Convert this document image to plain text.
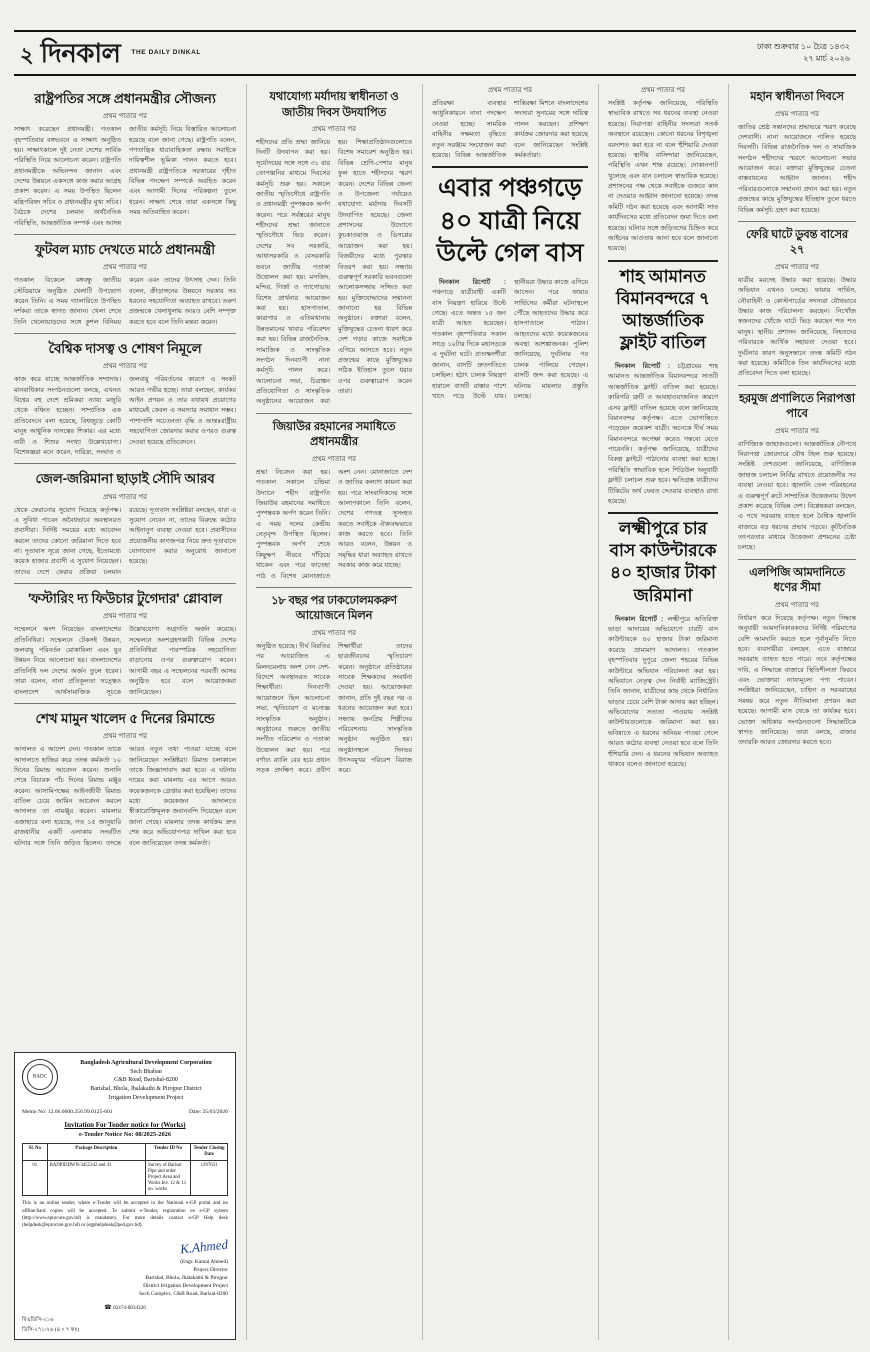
২ দিনকাল THE DAILY DINKAL
ঢাকা শুক্রবার ১০ চৈত্র ১৪৩২
২৭ মার্চ ২০২৬
রাষ্ট্রপতির সঙ্গে প্রধানমন্ত্রীর সৌজন্য
প্রথম পাতার পর
সাক্ষাৎ করেছেন প্রধানমন্ত্রী। গতকাল বৃহস্পতিবার বঙ্গভবনে এ সাক্ষাৎ অনুষ্ঠিত হয়। সাক্ষাৎকালে দুই নেতা দেশের সার্বিক পরিস্থিতি নিয়ে আলোচনা করেন। রাষ্ট্রপতি প্রধানমন্ত্রীকে অভিনন্দন জানান এবং দেশের উন্নয়নে একসঙ্গে কাজ করার আগ্রহ প্রকাশ করেন। এ সময় উপস্থিত ছিলেন মন্ত্রিপরিষদ সচিব ও প্রধানমন্ত্রীর মুখ্য সচিব। বৈঠকে দেশের চলমান অর্থনৈতিক পরিস্থিতি, আন্তর্জাতিক সম্পর্ক এবং আসন্ন জাতীয় কর্মসূচি নিয়ে বিস্তারিত আলোচনা হয়েছে বলে জানা গেছে। রাষ্ট্রপতি বলেন, গণতান্ত্রিক ধারাবাহিকতা রক্ষায় সবাইকে দায়িত্বশীল ভূমিকা পালন করতে হবে। প্রধানমন্ত্রী রাষ্ট্রপতিকে সরকারের গৃহীত বিভিন্ন পদক্ষেপ সম্পর্কে অবহিত করেন এবং আগামী দিনের পরিকল্পনা তুলে ধরেন। সাক্ষাৎ শেষে তারা একসঙ্গে কিছু সময় অতিবাহিত করেন।
ফুটবল ম্যাচ দেখতে মাঠে প্রধানমন্ত্রী
প্রথম পাতার পর
গতকাল বিকেলে বঙ্গবন্ধু জাতীয় স্টেডিয়ামে অনুষ্ঠিত খেলাটি উপভোগ করেন তিনি। এ সময় গ্যালারিতে উপস্থিত দর্শকরা তাকে স্বাগত জানান। খেলা শেষে তিনি খেলোয়াড়দের সঙ্গে কুশল বিনিময় করেন এবং তাদের উৎসাহ দেন। তিনি বলেন, ক্রীড়াঙ্গনের উন্নয়নে সরকার সব ধরনের সহযোগিতা অব্যাহত রাখবে। তরুণ প্রজন্মকে খেলাধুলায় আরও বেশি সম্পৃক্ত করতে হবে বলে তিনি মন্তব্য করেন।
বৈশ্বিক দাসত্ব ও শোষণ নিমূলে
প্রথম পাতার পর
কাজ করে যাচ্ছে আন্তর্জাতিক সম্প্রদায়। মানবাধিকার সংগঠনগুলো বলছে, এখনও বিশ্বের বহু দেশে শ্রমিকরা ন্যায্য মজুরি থেকে বঞ্চিত হচ্ছেন। সাম্প্রতিক এক প্রতিবেদনে বলা হয়েছে, বিশ্বজুড়ে কোটি মানুষ আধুনিক দাসত্বের শিকার। এর মধ্যে নারী ও শিশুর সংখ্যা উল্লেখযোগ্য। বিশেষজ্ঞরা মনে করেন, দারিদ্র্য, সংঘাত ও জলবায়ু পরিবর্তনের কারণে এ সংকট আরও গভীর হচ্ছে। তারা বলছেন, কার্যকর আইন প্রণয়ন ও তার যথাযথ প্রয়োগের মাধ্যমেই কেবল এ সমস্যার সমাধান সম্ভব। পাশাপাশি সচেতনতা বৃদ্ধি ও আন্তঃরাষ্ট্রীয় সহযোগিতা জোরদার করার ওপরও গুরুত্ব দেওয়া হয়েছে প্রতিবেদনে।
জেল-জরিমানা ছাড়াই সৌদি আরব
প্রথম পাতার পর
থেকে ফেরানোর সুযোগ দিয়েছে কর্তৃপক্ষ। এ সুবিধা পাবেন অবৈধভাবে অবস্থানরত প্রবাসীরা। নির্দিষ্ট সময়ের মধ্যে আবেদন করলে তাদের কোনো জরিমানা দিতে হবে না। দূতাবাস সূত্রে জানা গেছে, ইতোমধ্যে কয়েক হাজার প্রবাসী এ সুযোগ নিয়েছেন। তাদের দেশে ফেরার প্রক্রিয়া চলমান রয়েছে। দূতাবাস সংশ্লিষ্টরা বলছেন, যারা এ সুযোগ নেবেন না, তাদের বিরুদ্ধে কঠোর আইনানুগ ব্যবস্থা নেওয়া হবে। প্রবাসীদের প্রয়োজনীয় কাগজপত্র নিয়ে দ্রুত দূতাবাসে যোগাযোগ করার অনুরোধ জানানো হয়েছে।
'ফস্টারিং দ্য ফিউচার টুগেদার' গ্লোবাল
প্রথম পাতার পর
সম্মেলনে অংশ নিয়েছেন বাংলাদেশের প্রতিনিধিরা। সম্মেলনে টেকসই উন্নয়ন, জলবায়ু পরিবর্তন মোকাবিলা এবং যুব উন্নয়ন নিয়ে আলোচনা হয়। বাংলাদেশের প্রতিনিধি দল দেশের অর্জন তুলে ধরেন। তারা বলেন, নানা প্রতিকূলতা সত্ত্বেও বাংলাদেশ আর্থসামাজিক সূচকে উল্লেখযোগ্য অগ্রগতি অর্জন করেছে। সম্মেলনে অংশগ্রহণকারী বিভিন্ন দেশের প্রতিনিধিরা পারস্পরিক সহযোগিতা বাড়ানোর ওপর গুরুত্বারোপ করেন। আগামী বছর এ সম্মেলনের পরবর্তী আসর অনুষ্ঠিত হবে বলে আয়োজকরা জানিয়েছেন।
শেখ মামুন খালেদ ৫ দিনের রিমান্ডে
প্রথম পাতার পর
আদালত এ আদেশ দেন। গতকাল তাকে আদালতে হাজির করে তদন্ত কর্মকর্তা ১০ দিনের রিমান্ড আবেদন করেন। শুনানি শেষে বিচারক পাঁচ দিনের রিমান্ড মঞ্জুর করেন। আসামিপক্ষের আইনজীবী রিমান্ড বাতিল চেয়ে জামিন আবেদন করলে আদালত তা নামঞ্জুর করেন। মামলার এজাহারে বলা হয়েছে, গত ১৫ জানুয়ারি রাজধানীর একটি এলাকায় সংঘটিত ঘটনার সঙ্গে তিনি জড়িত ছিলেন। তদন্তে আরও নতুন তথ্য পাওয়া যাচ্ছে বলে জানিয়েছেন সংশ্লিষ্টরা। রিমান্ড চলাকালে তাকে জিজ্ঞাসাবাদ করা হবে। এ ঘটনায় দায়ের করা মামলায় এর আগে আরও কয়েকজনকে গ্রেপ্তার করা হয়েছিল। তাদের মধ্যে কয়েকজন আদালতে স্বীকারোক্তিমূলক জবানবন্দি দিয়েছেন বলে জানা গেছে। মামলার তদন্ত কার্যক্রম দ্রুত শেষ করে অভিযোগপত্র দাখিল করা হবে বলে জানিয়েছেন তদন্ত কর্মকর্তা।
BADC
Bangladesh Agricultural Development Corporation
Sech Bhaban
C&B Road, Barishal-8200
Barishal, Bhola, Jhalakathi & Pirojpur District
Irrigation Development Project
Memo No: 12.06.0600.256.99.0125-601	Date: 25/03/2026
Invitation For Tender notice for (Works)
e-Tender Notice No: 08/2025-2026
Sl. No	Package Description	Tender ID No	Tender Closing Date
01	BADPIDDWN-3455342 and 43	Survey of Barisal Pipe and order Project Area and Works Inv. 12 & 13 no. works	1267631
This is an online tender, where e-Tender will be accepted in the National e-GP portal and no offline/hard copies will be accepted. To submit e-Tender, registration on e-GP system (http://www.eprocure.gov.bd) is mandatory. For more details contact e-GP Help desk (helpdesk@eprocure.gov.bd) or (egphelpdesk@ped.gov.bd).
K.Ahmed
(Engr. Kamal Ahmed)
Project Director
Barishal, Bhola, Jhalakathi & Pirojpur
District Irrigation Development Project
Sech Complex, C&B Road, Barisal-8200
☎ 02474-8834326
বিএডিসি-২১৬
ডিসি-২৭১/২৬ (৪ × ৭ কঃ)
যথাযোগ্য মর্যাদায় স্বাধীনতা ও জাতীয় দিবস উদযাপিত
প্রথম পাতার পর
শহীদদের প্রতি শ্রদ্ধা জানিয়ে দিনটি উদযাপন করা হয়। সূর্যোদয়ের সঙ্গে সঙ্গে ৩১ বার তোপধ্বনির মাধ্যমে দিবসের কর্মসূচি শুরু হয়। সকালে জাতীয় স্মৃতিসৌধে রাষ্ট্রপতি ও প্রধানমন্ত্রী পুষ্পস্তবক অর্পণ করেন। পরে সর্বস্তরের মানুষ শহীদদের শ্রদ্ধা জানাতে স্মৃতিসৌধে ভিড় করেন। দেশের সব সরকারি, আধাসরকারি ও বেসরকারি ভবনে জাতীয় পতাকা উত্তোলন করা হয়। মসজিদ, মন্দির, গির্জা ও প্যাগোডায় বিশেষ প্রার্থনার আয়োজন করা হয়। হাসপাতাল, কারাগার ও এতিমখানায় উন্নতমানের খাবার পরিবেশন করা হয়। বিভিন্ন রাজনৈতিক, সামাজিক ও সাংস্কৃতিক সংগঠন দিনব্যাপী নানা কর্মসূচি পালন করে। আলোচনা সভা, চিত্রাঙ্কন প্রতিযোগিতা ও সাংস্কৃতিক অনুষ্ঠানের আয়োজন করা হয়। শিক্ষাপ্রতিষ্ঠানগুলোতে বিশেষ সমাবেশ অনুষ্ঠিত হয়। বিভিন্ন শ্রেণি-পেশার মানুষ ফুল হাতে শহীদদের স্মরণ করেন। দেশের বিভিন্ন জেলা ও উপজেলা পর্যায়েও যথাযোগ্য মর্যাদায় দিবসটি উদযাপিত হয়েছে। জেলা প্রশাসনের উদ্যোগে কুচকাওয়াজ ও ডিসপ্লের আয়োজন করা হয়। বিজয়ীদের মধ্যে পুরস্কার বিতরণ করা হয়। সন্ধ্যায় গুরুত্বপূর্ণ সরকারি ভবনগুলো আলোকসজ্জায় সজ্জিত করা হয়। মুক্তিযোদ্ধাদের সম্মাননা জানানো হয় বিভিন্ন অনুষ্ঠানে। বক্তারা বলেন, মুক্তিযুদ্ধের চেতনা ধারণ করে দেশ গড়ার কাজে সবাইকে এগিয়ে আসতে হবে। নতুন প্রজন্মের কাছে মুক্তিযুদ্ধের সঠিক ইতিহাস তুলে ধরার ওপর গুরুত্বারোপ করেন তারা।
জিয়াউর রহমানের সমাধিতে প্রধানমন্ত্রীর
প্রথম পাতার পর
শ্রদ্ধা নিবেদন করা হয়। গতকাল সকালে চন্দ্রিমা উদ্যানে শহীদ রাষ্ট্রপতি জিয়াউর রহমানের সমাধিতে পুষ্পস্তবক অর্পণ করেন তিনি। এ সময় দলের কেন্দ্রীয় নেতৃবৃন্দ উপস্থিত ছিলেন। পুষ্পস্তবক অর্পণ শেষে কিছুক্ষণ নীরবে দাঁড়িয়ে থাকেন এবং পরে ফাতেহা পাঠ ও বিশেষ মোনাজাতে অংশ নেন। মোনাজাতে দেশ ও জাতির কল্যাণ কামনা করা হয়। পরে সাংবাদিকদের সঙ্গে আলাপকালে তিনি বলেন, দেশের গণতন্ত্র সুসংহত করতে সবাইকে ঐক্যবদ্ধভাবে কাজ করতে হবে। তিনি আরও বলেন, উন্নয়ন ও সমৃদ্ধির ধারা অব্যাহত রাখতে সরকার কাজ করে যাচ্ছে।
১৮ বছর পর ঢাকঢোলমকরুণ আয়োজনে মিলন
প্রথম পাতার পর
অনুষ্ঠিত হয়েছে। দীর্ঘ বিরতির পর আয়োজিত এ মিলনমেলায় অংশ নেন দেশ-বিদেশে অবস্থানরত সাবেক শিক্ষার্থীরা। দিনব্যাপী আয়োজনে ছিল আলোচনা সভা, স্মৃতিচারণ ও মনোজ্ঞ সাংস্কৃতিক অনুষ্ঠান। অনুষ্ঠানের শুরুতে জাতীয় সংগীত পরিবেশন ও পতাকা উত্তোলন করা হয়। পরে বর্ণাঢ্য র‌্যালি বের হয়ে প্রধান সড়ক প্রদক্ষিণ করে। প্রবীণ শিক্ষার্থীরা তাদের ছাত্রজীবনের স্মৃতিচারণ করেন। অনুষ্ঠানে প্রতিষ্ঠানের সাবেক শিক্ষকদের সংবর্ধনা দেওয়া হয়। আয়োজকরা জানান, প্রতি দুই বছর পর এ ধরনের আয়োজন করা হবে। সন্ধ্যায় জনপ্রিয় শিল্পীদের পরিবেশনায় সাংস্কৃতিক অনুষ্ঠান অনুষ্ঠিত হয়। অনুষ্ঠানস্থলে দিনভর উৎসবমুখর পরিবেশ বিরাজ করে।
প্রথম পাতার পর
প্রতিরক্ষা ব্যবস্থার আধুনিকায়নে নানা পদক্ষেপ নেওয়া হচ্ছে। সামরিক বাহিনীর সক্ষমতা বৃদ্ধিতে নতুন সরঞ্জাম সংযোজন করা হয়েছে। বিভিন্ন আন্তর্জাতিক শান্তিরক্ষা মিশনে বাংলাদেশের সদস্যরা সুনামের সঙ্গে দায়িত্ব পালন করছেন। প্রশিক্ষণ কার্যক্রম জোরদার করা হয়েছে বলে জানিয়েছেন সংশ্লিষ্ট কর্মকর্তারা।
এবার পঞ্চগড়ে ৪০ যাত্রী নিয়ে উল্টে গেল বাস

দিনকাল রিপোর্ট : পঞ্চগড়ে যাত্রীবাহী একটি বাস নিয়ন্ত্রণ হারিয়ে উল্টে গেছে। এতে অন্তত ১৫ জন যাত্রী আহত হয়েছেন। গতকাল বৃহস্পতিবার সকাল সাড়ে ১০টার দিকে মহাসড়কে এ দুর্ঘটনা ঘটে। প্রত্যক্ষদর্শীরা জানান, বাসটি দ্রুতগতিতে চলছিল। হঠাৎ চালক নিয়ন্ত্রণ হারালে বাসটি রাস্তার পাশে খাদে পড়ে উল্টে যায়। স্থানীয়রা উদ্ধার কাজে এগিয়ে আসেন। পরে ফায়ার সার্ভিসের কর্মীরা ঘটনাস্থলে পৌঁছে আহতদের উদ্ধার করে হাসপাতালে পাঠান। আহতদের মধ্যে কয়েকজনের অবস্থা আশঙ্কাজনক। পুলিশ জানিয়েছে, দুর্ঘটনার পর চালক পালিয়ে গেছেন। বাসটি জব্দ করা হয়েছে। এ ঘটনায় মামলার প্রস্তুতি চলছে।

প্রথম পাতার পর
সংশ্লিষ্ট কর্তৃপক্ষ জানিয়েছে, পরিস্থিতি স্বাভাবিক রাখতে সব ধরনের ব্যবস্থা নেওয়া হয়েছে। নিরাপত্তা বাহিনীর সদস্যরা সতর্ক অবস্থানে রয়েছেন। কোনো ধরনের বিশৃঙ্খলা বরদাশত করা হবে না বলে হুঁশিয়ারি দেওয়া হয়েছে। স্থানীয় বাসিন্দারা জানিয়েছেন, পরিস্থিতি এখন শান্ত রয়েছে। দোকানপাট খুলেছে এবং যান চলাচল স্বাভাবিক হয়েছে। প্রশাসনের পক্ষ থেকে সবাইকে গুজবে কান না দেওয়ার আহ্বান জানানো হয়েছে। তদন্ত কমিটি গঠন করা হয়েছে এবং আগামী সাত কার্যদিবসের মধ্যে প্রতিবেদন জমা দিতে বলা হয়েছে। ঘটনার সঙ্গে জড়িতদের চিহ্নিত করে আইনের আওতায় আনা হবে বলে জানানো হয়েছে।
শাহ আমানত বিমানবন্দরে ৭ আন্তর্জাতিক ফ্লাইট বাতিল

দিনকাল রিপোর্ট : চট্টগ্রামের শাহ আমানত আন্তর্জাতিক বিমানবন্দরে সাতটি আন্তর্জাতিক ফ্লাইট বাতিল করা হয়েছে। কারিগরি ত্রুটি ও আবহাওয়াজনিত কারণে এসব ফ্লাইট বাতিল হয়েছে বলে জানিয়েছে বিমানবন্দর কর্তৃপক্ষ। এতে ভোগান্তিতে পড়েছেন কয়েকশ যাত্রী। অনেকে দীর্ঘ সময় বিমানবন্দরে অপেক্ষা করেও গন্তব্যে যেতে পারেননি। কর্তৃপক্ষ জানিয়েছে, যাত্রীদের বিকল্প ফ্লাইটে পাঠানোর ব্যবস্থা করা হচ্ছে। পরিস্থিতি স্বাভাবিক হলে শিডিউল অনুযায়ী ফ্লাইট চলাচল শুরু হবে। ক্ষতিগ্রস্ত যাত্রীদের টিকিটের অর্থ ফেরত দেওয়ার ব্যবস্থাও রাখা হয়েছে।

লক্ষ্মীপুরে চার বাস কাউন্টারকে ৪০ হাজার টাকা জরিমানা

দিনকাল রিপোর্ট : লক্ষ্মীপুরে অতিরিক্ত ভাড়া আদায়ের অভিযোগে চারটি বাস কাউন্টারকে ৪০ হাজার টাকা জরিমানা করেছে ভ্রাম্যমাণ আদালত। গতকাল বৃহস্পতিবার দুপুরে জেলা শহরের বিভিন্ন কাউন্টারে অভিযান পরিচালনা করা হয়। অভিযানে নেতৃত্ব দেন নির্বাহী ম্যাজিস্ট্রেট। তিনি জানান, যাত্রীদের কাছ থেকে নির্ধারিত ভাড়ার চেয়ে বেশি টাকা আদায় করা হচ্ছিল। অভিযোগের সত্যতা পাওয়ায় সংশ্লিষ্ট কাউন্টারগুলোকে জরিমানা করা হয়। ভবিষ্যতে এ ধরনের অনিয়ম পাওয়া গেলে আরও কঠোর ব্যবস্থা নেওয়া হবে বলে তিনি হুঁশিয়ারি দেন। এ ধরনের অভিযান অব্যাহত থাকবে বলেও জানানো হয়েছে।

মহান স্বাধীনতা দিবসে
প্রথম পাতার পর
জাতির শ্রেষ্ঠ সন্তানদের শ্রদ্ধাভরে স্মরণ করেছে দেশবাসী। নানা আয়োজনে পালিত হয়েছে দিবসটি। বিভিন্ন রাজনৈতিক দল ও সামাজিক সংগঠন শহীদদের স্মরণে আলোচনা সভার আয়োজন করে। বক্তারা মুক্তিযুদ্ধের চেতনা বাস্তবায়নের আহ্বান জানান। শহীদ পরিবারগুলোকে সম্মাননা প্রদান করা হয়। নতুন প্রজন্মের কাছে মুক্তিযুদ্ধের ইতিহাস তুলে ধরতে বিভিন্ন কর্মসূচি গ্রহণ করা হয়েছে।
ফেরি ঘাটে ডুবন্ত বাসের ২৭
প্রথম পাতার পর
যাত্রীর মরদেহ উদ্ধার করা হয়েছে। উদ্ধার অভিযান এখনও চলছে। ফায়ার সার্ভিস, নৌবাহিনী ও কোস্টগার্ডের সদস্যরা যৌথভাবে উদ্ধার কাজ পরিচালনা করছেন। নিখোঁজ স্বজনদের খোঁজে ঘাটে ভিড় করছেন শত শত মানুষ। স্থানীয় প্রশাসন জানিয়েছে, নিহতদের পরিবারকে আর্থিক সহায়তা দেওয়া হবে। দুর্ঘটনার কারণ অনুসন্ধানে তদন্ত কমিটি গঠন করা হয়েছে। কমিটিকে তিন কার্যদিবসের মধ্যে প্রতিবেদন দিতে বলা হয়েছে।
হরমুজ প্রণালিতে নিরাপত্তা পাবে
প্রথম পাতার পর
বাণিজ্যিক জাহাজগুলো। আন্তর্জাতিক নৌপথে নিরাপত্তা জোরদারে যৌথ টহল শুরু হয়েছে। সংশ্লিষ্ট দেশগুলো জানিয়েছে, বাণিজ্যিক জাহাজ চলাচল নির্বিঘ্ন রাখতে প্রয়োজনীয় সব ব্যবস্থা নেওয়া হবে। জ্বালানি তেল পরিবহনের এ গুরুত্বপূর্ণ রুটে সাম্প্রতিক উত্তেজনায় উদ্বেগ প্রকাশ করেছে বিভিন্ন দেশ। বিশ্লেষকরা বলছেন, এ পথে সরবরাহ ব্যাহত হলে বৈশ্বিক জ্বালানি বাজারে বড় ধরনের প্রভাব পড়বে। কূটনৈতিক তৎপরতার মাধ্যমে উত্তেজনা প্রশমনের চেষ্টা চলছে।
এলপিজি আমদানিতে ধণের সীমা
প্রথম পাতার পর
নির্ধারণ করে দিয়েছে কর্তৃপক্ষ। নতুন সিদ্ধান্ত অনুযায়ী আমদানিকারকদের নির্দিষ্ট পরিমাণের বেশি আমদানি করতে হলে পূর্বানুমতি নিতে হবে। ব্যবসায়ীরা বলছেন, এতে বাজারে সরবরাহ ব্যাহত হতে পারে। তবে কর্তৃপক্ষের দাবি, এ সিদ্ধান্তে বাজারে স্থিতিশীলতা ফিরবে এবং ভোক্তারা ন্যায্যমূল্যে পণ্য পাবেন। সংশ্লিষ্টরা জানিয়েছেন, চাহিদা ও সরবরাহের সমন্বয় করে নতুন নীতিমালা প্রণয়ন করা হয়েছে। আগামী মাস থেকে তা কার্যকর হবে। ভোক্তা অধিকার সংগঠনগুলো সিদ্ধান্তটিকে স্বাগত জানিয়েছে। তারা বলছে, বাজার তদারকি আরও জোরদার করতে হবে।
